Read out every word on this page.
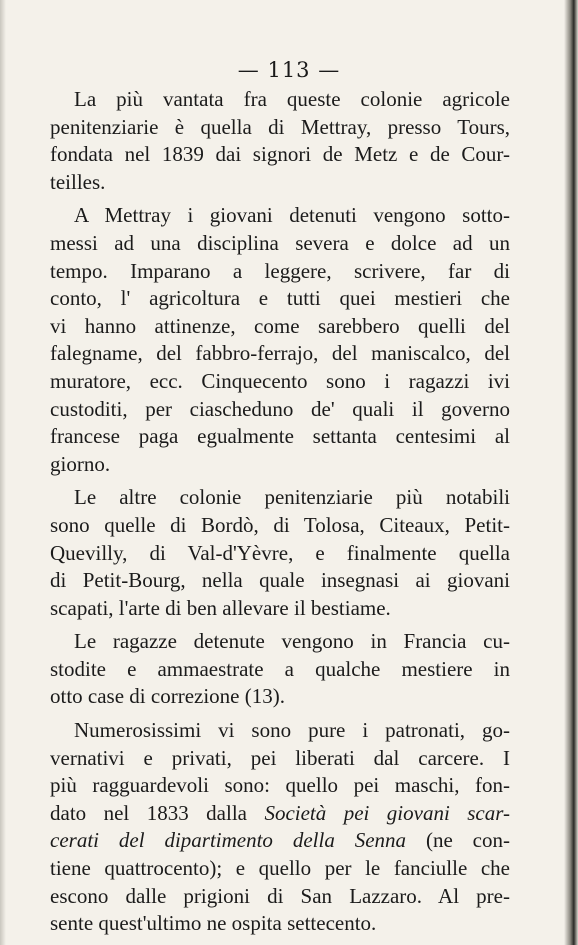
— 113 —
La più vantata fra queste colonie agricole
penitenziarie è quella di Mettray, presso Tours,
fondata nel 1839 dai signori de Metz e de Cour-
teilles.
A Mettray i giovani detenuti vengono sotto-
messi ad una disciplina severa e dolce ad un
tempo. Imparano a leggere, scrivere, far di
conto, l' agricoltura e tutti quei mestieri che
vi hanno attinenze, come sarebbero quelli del
falegname, del fabbro-ferrajo, del maniscalco, del
muratore, ecc. Cinquecento sono i ragazzi ivi
custoditi, per ciascheduno de' quali il governo
francese paga egualmente settanta centesimi al
giorno.
Le altre colonie penitenziarie più notabili
sono quelle di Bordò, di Tolosa, Citeaux, Petit-
Quevilly, di Val-d'Yèvre, e finalmente quella
di Petit-Bourg, nella quale insegnasi ai giovani
scapati, l'arte di ben allevare il bestiame.
Le ragazze detenute vengono in Francia cu-
stodite e ammaestrate a qualche mestiere in
otto case di correzione (13).
Numerosissimi vi sono pure i patronati, go-
vernativi e privati, pei liberati dal carcere. I
più ragguardevoli sono: quello pei maschi, fon-
dato nel 1833 dalla Società pei giovani scar-
cerati del dipartimento della Senna (ne con-
tiene quattrocento); e quello per le fanciulle che
escono dalle prigioni di San Lazzaro. Al pre-
sente quest'ultimo ne ospita settecento.
